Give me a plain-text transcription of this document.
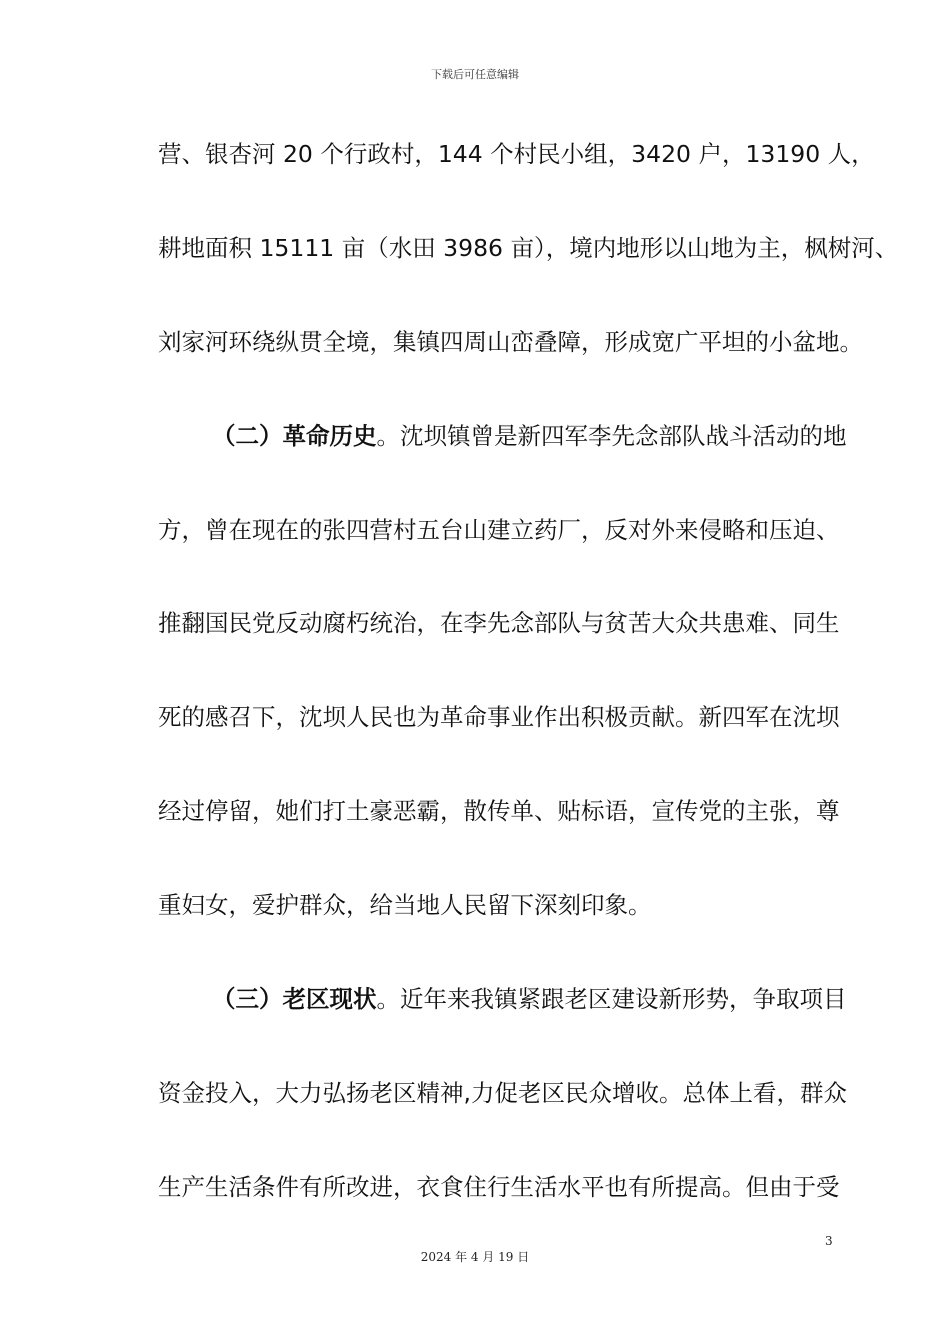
下载后可任意编辑
营、银杏河 20 个行政村，144 个村民小组，3420 户，13190 人，
耕地面积 15111 亩（水田 3986 亩），境内地形以山地为主，枫树河、
刘家河环绕纵贯全境，集镇四周山峦叠障，形成宽广平坦的小盆地。
（二）革命历史。沈坝镇曾是新四军李先念部队战斗活动的地
方，曾在现在的张四营村五台山建立药厂，反对外来侵略和压迫、
推翻国民党反动腐朽统治，在李先念部队与贫苦大众共患难、同生
死的感召下，沈坝人民也为革命事业作出积极贡献。新四军在沈坝
经过停留，她们打土豪恶霸，散传单、贴标语，宣传党的主张，尊
重妇女，爱护群众，给当地人民留下深刻印象。
（三）老区现状。近年来我镇紧跟老区建设新形势，争取项目
资金投入，大力弘扬老区精神,力促老区民众增收。总体上看，群众
生产生活条件有所改进，衣食住行生活水平也有所提高。但由于受
3
2024 年 4 月 19 日
